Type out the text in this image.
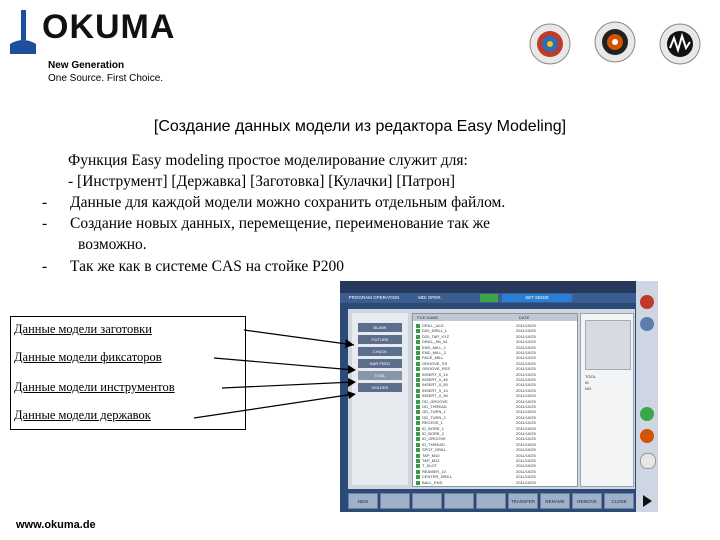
OKUMA
New Generation
One Source. First Choice.
[Создание данных модели из редактора Easy Modeling]
Функция Easy modeling простое моделирование служит для:
- [Инструмент] [Державка] [Заготовка] [Кулачки] [Патрон]
- Данные для каждой модели можно сохранить отдельным файлом.
- Создание новых данных, перемещение, переименование так же
возможно.
- Так же как в системе CAS на стойке P200
Данные модели заготовки
Данные модели фиксаторов
Данные модели инструментов
Данные модели державок
PROGRAM OPERATION	MDI OPER.	SET MODE
BLANK
FIXTURE
CHUCK
BAR FEED
TOOL
HOLDER
FILE NAME	DATE
DRILL_ULD	2011/10/25
D20_DRILL_L	2011/10/25
D20_TAP_XYZ	2011/10/25
DRILL_5N_04	2011/10/25
END_MILL_1	2011/10/25
END_MILL_2	2011/10/25
FACE_MILL	2011/10/25
GROOVE_SS	2011/10/25
GROOVE_RSS	2011/10/25
INSERT_0_14	2011/10/25
INSERT_0_46	2011/10/25
INSERT_0_55	2011/10/25
INSERT_0_14	2011/10/25
INSERT_0_36	2011/10/25
OD_GROOVE	2011/10/25
OD_THREAD	2011/10/25
OD_TURN_1	2011/10/25
OD_TURN_2	2011/10/25
RECESS_1	2011/10/25
ID_BORE_1	2011/10/25
ID_BORE_2	2011/10/25
ID_GROOVE	2011/10/25
ID_THREAD	2011/10/25
SPOT_DRILL	2011/10/25
TAP_M10	2011/10/25
TAP_M12	2011/10/25
T_SLOT	2011/10/25
REAMER_10	2011/10/25
CENTER_DRILL	2011/10/25
BALL_END	2011/10/25
TOOL
ID
NO.
NEW	TRANSFER	RENAME	REMOVE	CLOSE
www.okuma.de
